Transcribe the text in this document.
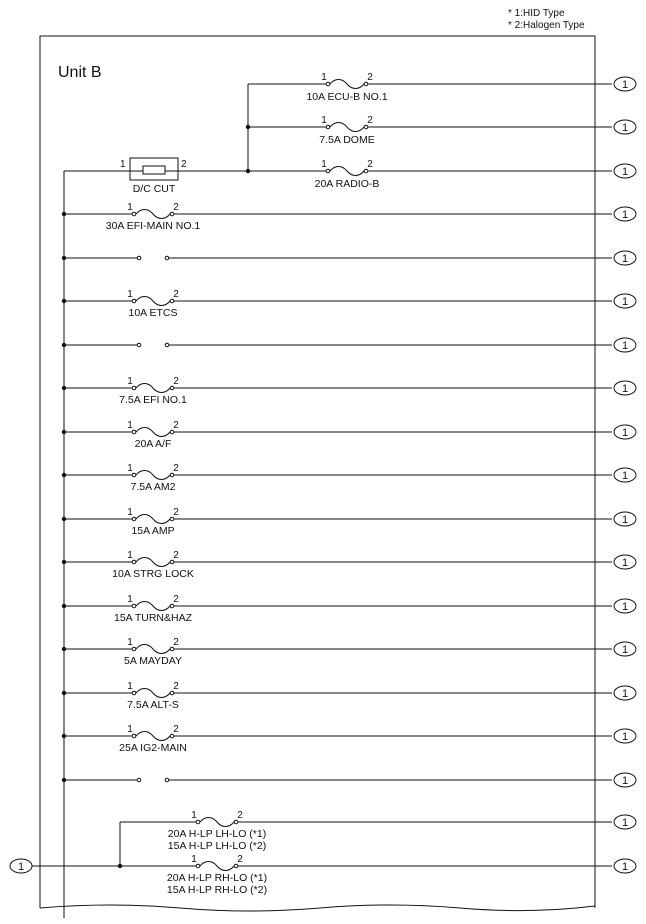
* 1:HID Type
* 2:Halogen Type
Unit B
1	2
D/C CUT
1	2
10A ECU-B NO.1
1
1	2
7.5A DOME
1
1	2
20A RADIO-B
1
1	2
30A EFI-MAIN NO.1
1
1
1	2
10A ETCS
1
1
1	2
7.5A EFI NO.1
1
1	2
20A A/F
1
1	2
7.5A AM2
1
1	2
15A AMP
1
1	2
10A STRG LOCK
1
1	2
15A TURN&HAZ
1
1	2
5A MAYDAY
1
1	2
7.5A ALT-S
1
1	2
25A IG2-MAIN
1
1
1	2
20A H-LP LH-LO (*1)
15A H-LP LH-LO (*2)
1
1	2
20A H-LP RH-LO (*1)
15A H-LP RH-LO (*2)
1
1
